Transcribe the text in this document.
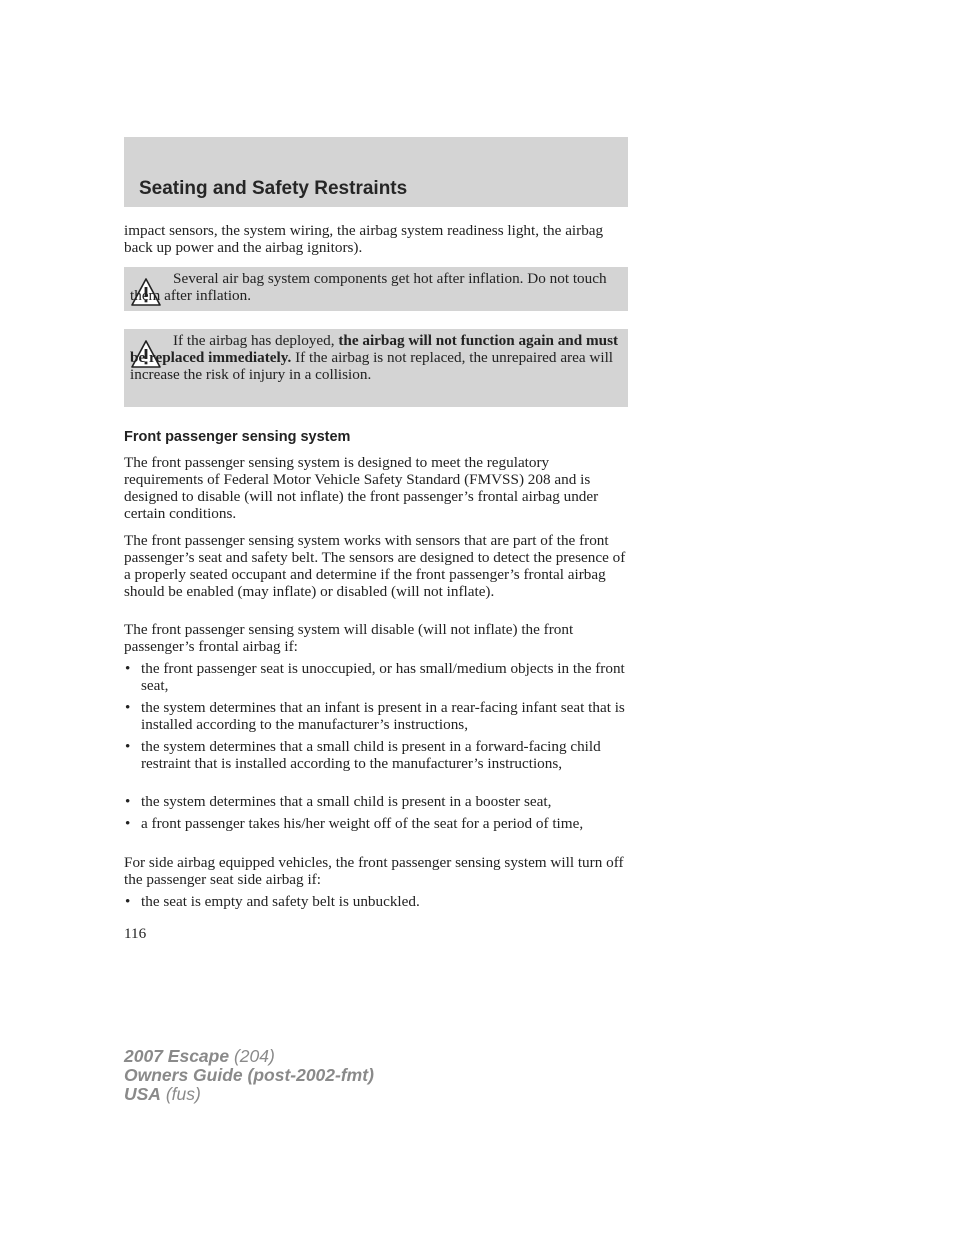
Seating and Safety Restraints
impact sensors, the system wiring, the airbag system readiness light, the airbag back up power and the airbag ignitors).
Several air bag system components get hot after inflation. Do not touch them after inflation.
If the airbag has deployed, the airbag will not function again and must be replaced immediately. If the airbag is not replaced, the unrepaired area will increase the risk of injury in a collision.
Front passenger sensing system
The front passenger sensing system is designed to meet the regulatory requirements of Federal Motor Vehicle Safety Standard (FMVSS) 208 and is designed to disable (will not inflate) the front passenger’s frontal airbag under certain conditions.
The front passenger sensing system works with sensors that are part of the front passenger’s seat and safety belt. The sensors are designed to detect the presence of a properly seated occupant and determine if the front passenger’s frontal airbag should be enabled (may inflate) or disabled (will not inflate).
The front passenger sensing system will disable (will not inflate) the front passenger’s frontal airbag if:
• the front passenger seat is unoccupied, or has small/medium objects in the front seat,
• the system determines that an infant is present in a rear-facing infant seat that is installed according to the manufacturer’s instructions,
• the system determines that a small child is present in a forward-facing child restraint that is installed according to the manufacturer’s instructions,
• the system determines that a small child is present in a booster seat,
• a front passenger takes his/her weight off of the seat for a period of time,
For side airbag equipped vehicles, the front passenger sensing system will turn off the passenger seat side airbag if:
• the seat is empty and safety belt is unbuckled.
116
2007 Escape (204)
Owners Guide (post-2002-fmt)
USA (fus)
